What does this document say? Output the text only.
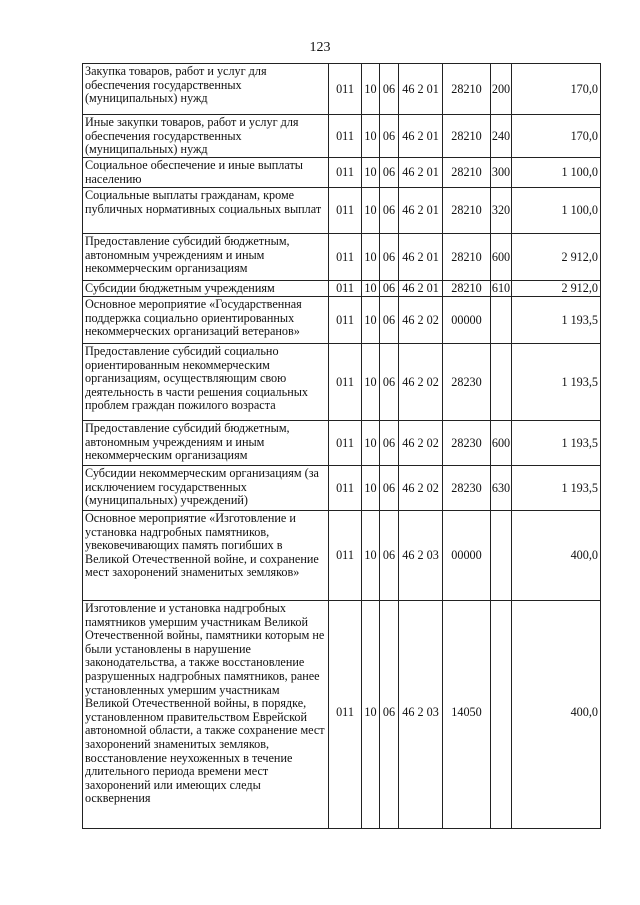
123
Закупка товаров, работ и услуг для обеспечения государственных (муниципальных) нужд	011	10	06	46 2 01	28210	200	170,0
Иные закупки товаров, работ и услуг для обеспечения государственных (муниципальных) нужд	011	10	06	46 2 01	28210	240	170,0
Социальное обеспечение и иные выплаты населению	011	10	06	46 2 01	28210	300	1 100,0
Социальные выплаты гражданам, кроме публичных нормативных социальных выплат	011	10	06	46 2 01	28210	320	1 100,0
Предоставление субсидий бюджетным, автономным учреждениям и иным некоммерческим организациям	011	10	06	46 2 01	28210	600	2 912,0
Субсидии бюджетным учреждениям	011	10	06	46 2 01	28210	610	2 912,0
Основное мероприятие «Государственная поддержка социально ориентированных некоммерческих организаций ветеранов»	011	10	06	46 2 02	00000		1 193,5
Предоставление субсидий социально ориентированным некоммерческим организациям, осуществляющим свою деятельность в части решения социальных проблем граждан пожилого возраста	011	10	06	46 2 02	28230		1 193,5
Предоставление субсидий бюджетным, автономным учреждениям и иным некоммерческим организациям	011	10	06	46 2 02	28230	600	1 193,5
Субсидии некоммерческим организациям (за исключением государственных (муниципальных) учреждений)	011	10	06	46 2 02	28230	630	1 193,5
Основное мероприятие «Изготовление и установка надгробных памятников, увековечивающих память погибших в Великой Отечественной войне, и сохранение мест захоронений знаменитых земляков»	011	10	06	46 2 03	00000		400,0
Изготовление и установка надгробных памятников умершим участникам Великой Отечественной войны, памятники которым не были установлены в нарушение законодательства, а также восстановление разрушенных надгробных памятников, ранее установленных умершим участникам Великой Отечественной войны, в порядке, установленном правительством Еврейской автономной области, а также сохранение мест захоронений знаменитых земляков, восстановление неухоженных в течение длительного периода времени мест захоронений или имеющих следы осквернения	011	10	06	46 2 03	14050		400,0
